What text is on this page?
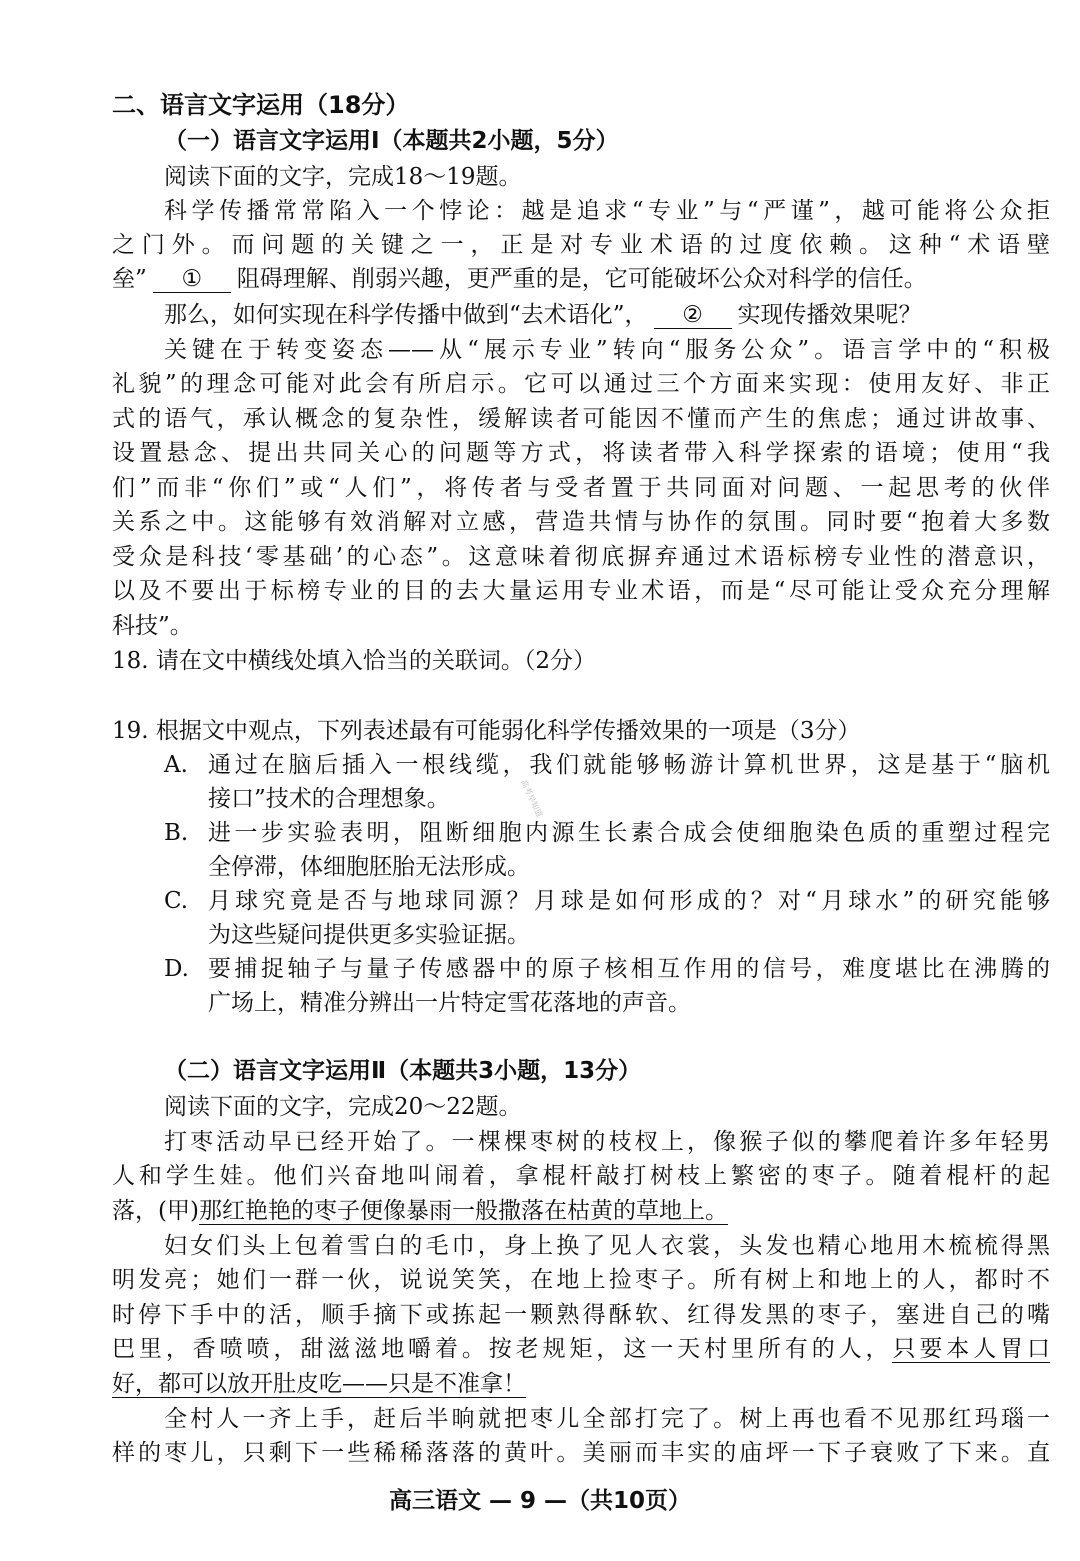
二、语言文字运用（18分）
（一）语言文字运用Ⅰ（本题共2小题，5分）
阅读下面的文字，完成18～19题。
科学传播常常陷入一个悖论：越是追求“专业”与“严谨”，越可能将公众拒
之门外。而问题的关键之一，正是对专业术语的过度依赖。这种“术语壁
垒” ① 阻碍理解、削弱兴趣，更严重的是，它可能破坏公众对科学的信任。
那么，如何实现在科学传播中做到“去术语化”， ② 实现传播效果呢？
关键在于转变姿态——从“展示专业”转向“服务公众”。语言学中的“积极
礼貌”的理念可能对此会有所启示。它可以通过三个方面来实现：使用友好、非正
式的语气，承认概念的复杂性，缓解读者可能因不懂而产生的焦虑；通过讲故事、
设置悬念、提出共同关心的问题等方式，将读者带入科学探索的语境；使用“我
们”而非“你们”或“人们”，将传者与受者置于共同面对问题、一起思考的伙伴
关系之中。这能够有效消解对立感，营造共情与协作的氛围。同时要“抱着大多数
受众是科技‘零基础’的心态”。这意味着彻底摒弃通过术语标榜专业性的潜意识，
以及不要出于标榜专业的目的去大量运用专业术语，而是“尽可能让受众充分理解
科技”。
18. 请在文中横线处填入恰当的关联词。（2分）
19. 根据文中观点，下列表述最有可能弱化科学传播效果的一项是（3分）
A. 通过在脑后插入一根线缆，我们就能够畅游计算机世界，这是基于“脑机
接口”技术的合理想象。
B. 进一步实验表明，阻断细胞内源生长素合成会使细胞染色质的重塑过程完
全停滞，体细胞胚胎无法形成。
C. 月球究竟是否与地球同源？月球是如何形成的？对“月球水”的研究能够
为这些疑问提供更多实验证据。
D. 要捕捉轴子与量子传感器中的原子核相互作用的信号，难度堪比在沸腾的
广场上，精准分辨出一片特定雪花落地的声音。
（二）语言文字运用Ⅱ（本题共3小题，13分）
阅读下面的文字，完成20～22题。
打枣活动早已经开始了。一棵棵枣树的枝杈上，像猴子似的攀爬着许多年轻男
人和学生娃。他们兴奋地叫闹着，拿棍杆敲打树枝上繁密的枣子。随着棍杆的起
落，(甲)那红艳艳的枣子便像暴雨一般撒落在枯黄的草地上。
妇女们头上包着雪白的毛巾，身上换了见人衣裳，头发也精心地用木梳梳得黑
明发亮；她们一群一伙，说说笑笑，在地上捡枣子。所有树上和地上的人，都时不
时停下手中的活，顺手摘下或拣起一颗熟得酥软、红得发黑的枣子，塞进自己的嘴
巴里，香喷喷，甜滋滋地嚼着。按老规矩，这一天村里所有的人，只要本人胃口
好，都可以放开肚皮吃——只是不准拿！
全村人一齐上手，赶后半晌就把枣儿全部打完了。树上再也看不见那红玛瑙一
样的枣儿，只剩下一些稀稀落落的黄叶。美丽而丰实的庙坪一下子衰败了下来。直
高三语文 — 9 —（共10页）
高考早知道
